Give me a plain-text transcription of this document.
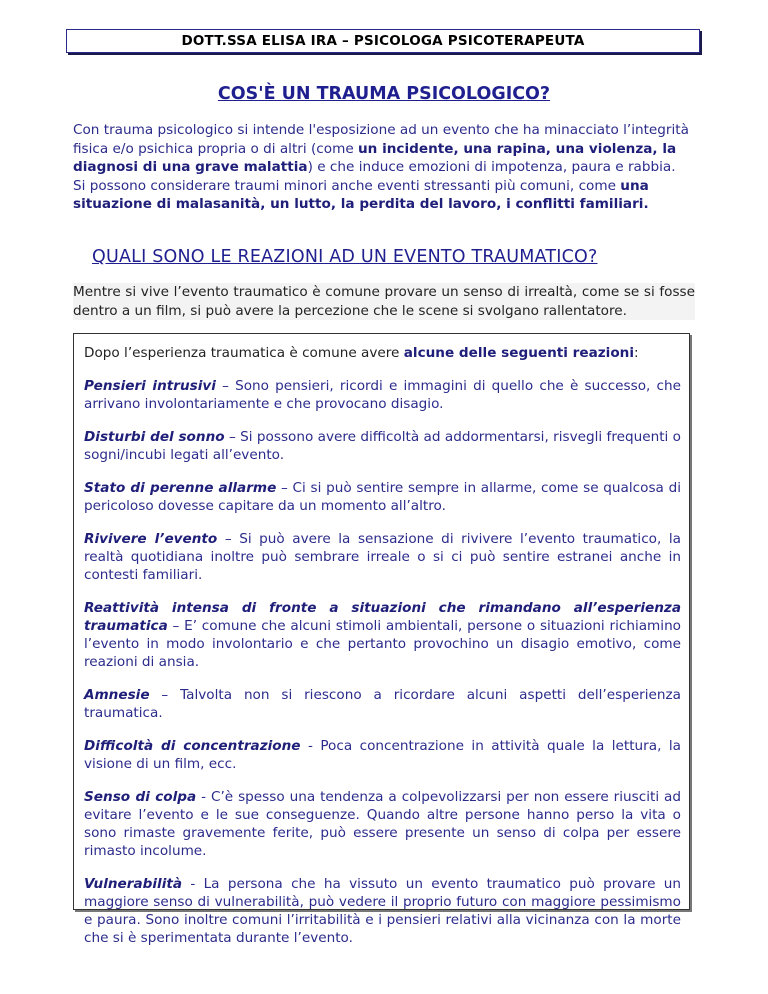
DOTT.SSA ELISA IRA – PSICOLOGA PSICOTERAPEUTA
COS'È UN TRAUMA PSICOLOGICO?

Con trauma psicologico si intende l'esposizione ad un evento che ha minacciato l’integrità fisica e/o psichica propria o di altri (come un incidente, una rapina, una violenza, la diagnosi di una grave malattia) e che induce emozioni di impotenza, paura e rabbia.

Si possono considerare traumi minori anche eventi stressanti più comuni, come una situazione di malasanità, un lutto, la perdita del lavoro, i conflitti familiari.

QUALI SONO LE REAZIONI AD UN EVENTO TRAUMATICO?

Mentre si vive l’evento traumatico è comune provare un senso di irrealtà, come se si fosse dentro a un film, si può avere la percezione che le scene si svolgano rallentatore.

Dopo l’esperienza traumatica è comune avere alcune delle seguenti reazioni:

Pensieri intrusivi – Sono pensieri, ricordi e immagini di quello che è successo, che arrivano involontariamente e che provocano disagio.

Disturbi del sonno – Si possono avere difficoltà ad addormentarsi, risvegli frequenti o sogni/incubi legati all’evento.

Stato di perenne allarme – Ci si può sentire sempre in allarme, come se qualcosa di pericoloso dovesse capitare da un momento all’altro.

Rivivere l’evento – Si può avere la sensazione di rivivere l’evento traumatico, la realtà quotidiana inoltre può sembrare irreale o si ci può sentire estranei anche in contesti familiari.

Reattività intensa di fronte a situazioni che rimandano all’esperienza traumatica – E’ comune che alcuni stimoli ambientali, persone o situazioni richiamino l’evento in modo involontario e che pertanto provochino un disagio emotivo, come reazioni di ansia.

Amnesie – Talvolta non si riescono a ricordare alcuni aspetti dell’esperienza traumatica.

Difficoltà di concentrazione - Poca concentrazione in attività quale la lettura, la visione di un film, ecc.

Senso di colpa - C’è spesso una tendenza a colpevolizzarsi per non essere riusciti ad evitare l’evento e le sue conseguenze. Quando altre persone hanno perso la vita o sono rimaste gravemente ferite, può essere presente un senso di colpa per essere rimasto incolume.

Vulnerabilità - La persona che ha vissuto un evento traumatico può provare un maggiore senso di vulnerabilità, può vedere il proprio futuro con maggiore pessimismo e paura. Sono inoltre comuni l’irritabilità e i pensieri relativi alla vicinanza con la morte che si è sperimentata durante l’evento.
